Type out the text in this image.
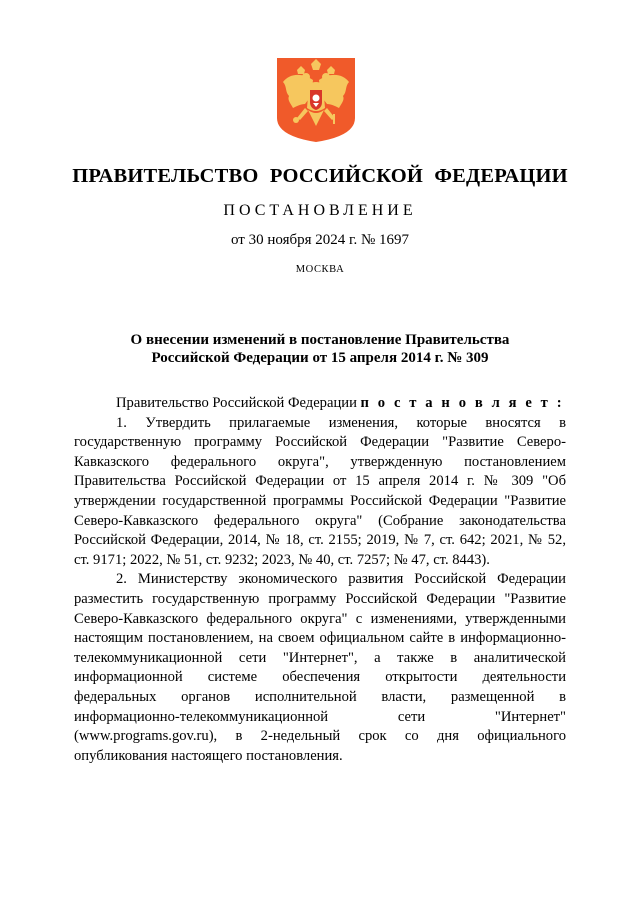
ПРАВИТЕЛЬСТВО РОССИЙСКОЙ ФЕДЕРАЦИИ
ПОСТАНОВЛЕНИЕ
от 30 ноября 2024 г. № 1697
МОСКВА
О внесении изменений в постановление Правительства
Российской Федерации от 15 апреля 2014 г. № 309

Правительство Российской Федерации п о с т а н о в л я е т :

1. Утвердить прилагаемые изменения, которые вносятся в государственную программу Российской Федерации "Развитие Северо-Кавказского федерального округа", утвержденную постановлением Правительства Российской Федерации от 15 апреля 2014 г. № 309 "Об утверждении государственной программы Российской Федерации "Развитие Северо-Кавказского федерального округа" (Собрание законодательства Российской Федерации, 2014, № 18, ст. 2155; 2019, № 7, ст. 642; 2021, № 52, ст. 9171; 2022, № 51, ст. 9232; 2023, № 40, ст. 7257; № 47, ст. 8443).

2. Министерству экономического развития Российской Федерации разместить государственную программу Российской Федерации "Развитие Северо-Кавказского федерального округа" с изменениями, утвержденными настоящим постановлением, на своем официальном сайте в информационно-телекоммуникационной сети "Интернет", а также в аналитической информационной системе обеспечения открытости деятельности федеральных органов исполнительной власти, размещенной в информационно-телекоммуникационной сети "Интернет" (www.programs.gov.ru), в 2-недельный срок со дня официального опубликования настоящего постановления.
